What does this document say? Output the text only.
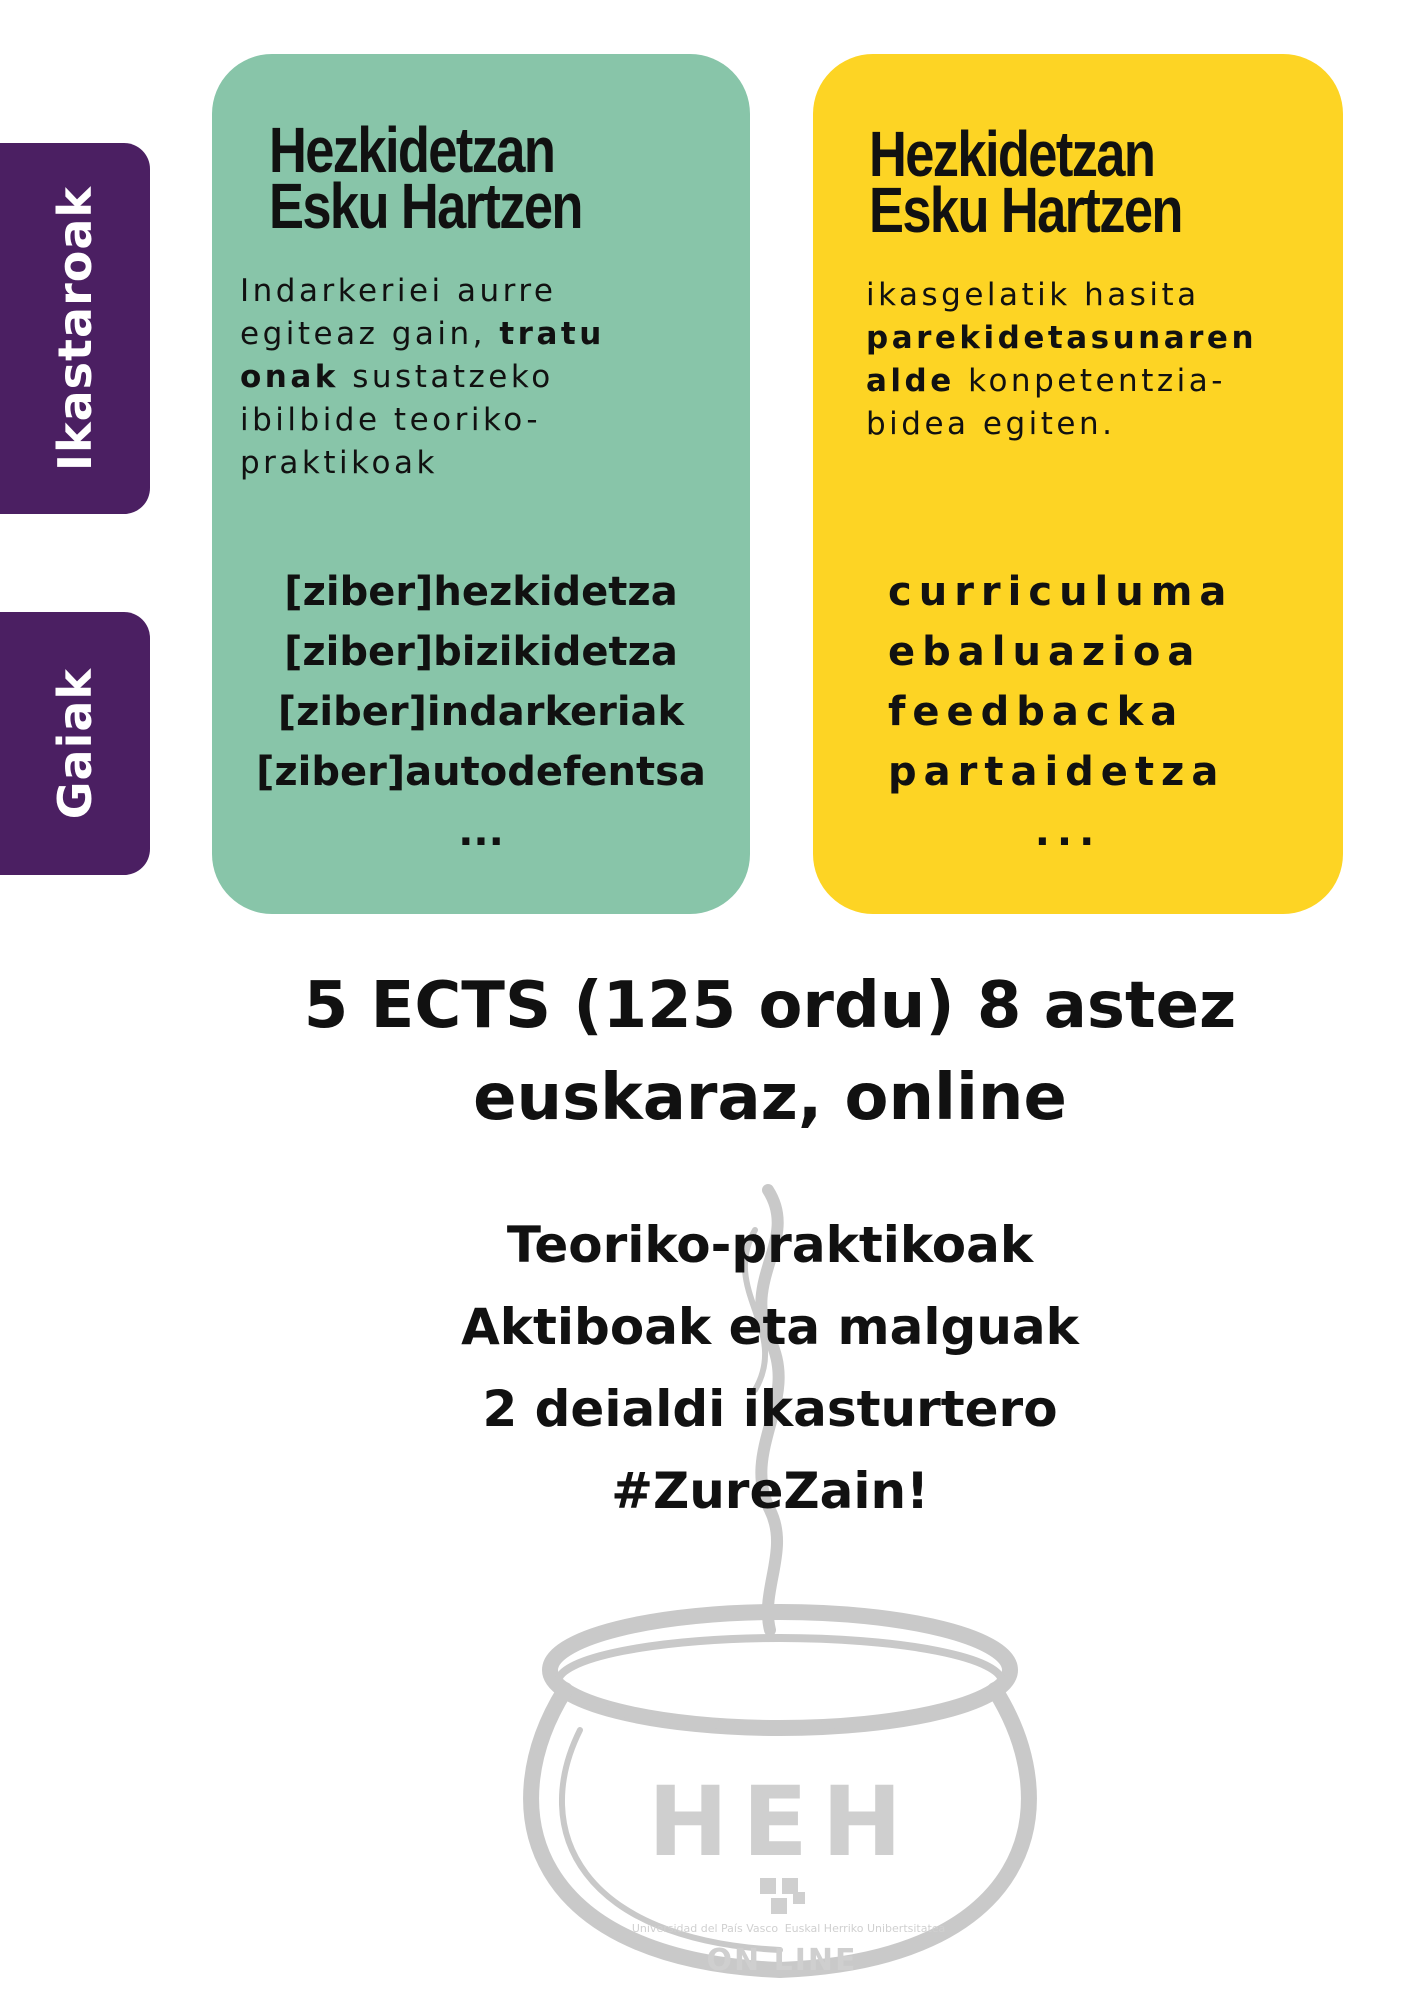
Ikastaroak
Gaiak
Hezkidetzan
Esku Hartzen

Indarkeriei aurre egiteaz gain, tratu onak sustatzeko ibilbide teoriko-praktikoak

[ziber]hezkidetza
[ziber]bizikidetza
[ziber]indarkeriak
[ziber]autodefentsa
...
Hezkidetzan
Esku Hartzen

ikasgelatik hasita parekidetasunaren alde konpetentzia-bidea egiten.

curriculuma
ebaluazioa
feedbacka
partaidetza
...
HEH
Universidad del País Vasco Euskal Herriko Unibertsitatea
ON LINE
5 ECTS (125 ordu) 8 astez
euskaraz, online
Teoriko-praktikoak
Aktiboak eta malguak
2 deialdi ikasturtero
#ZureZain!
